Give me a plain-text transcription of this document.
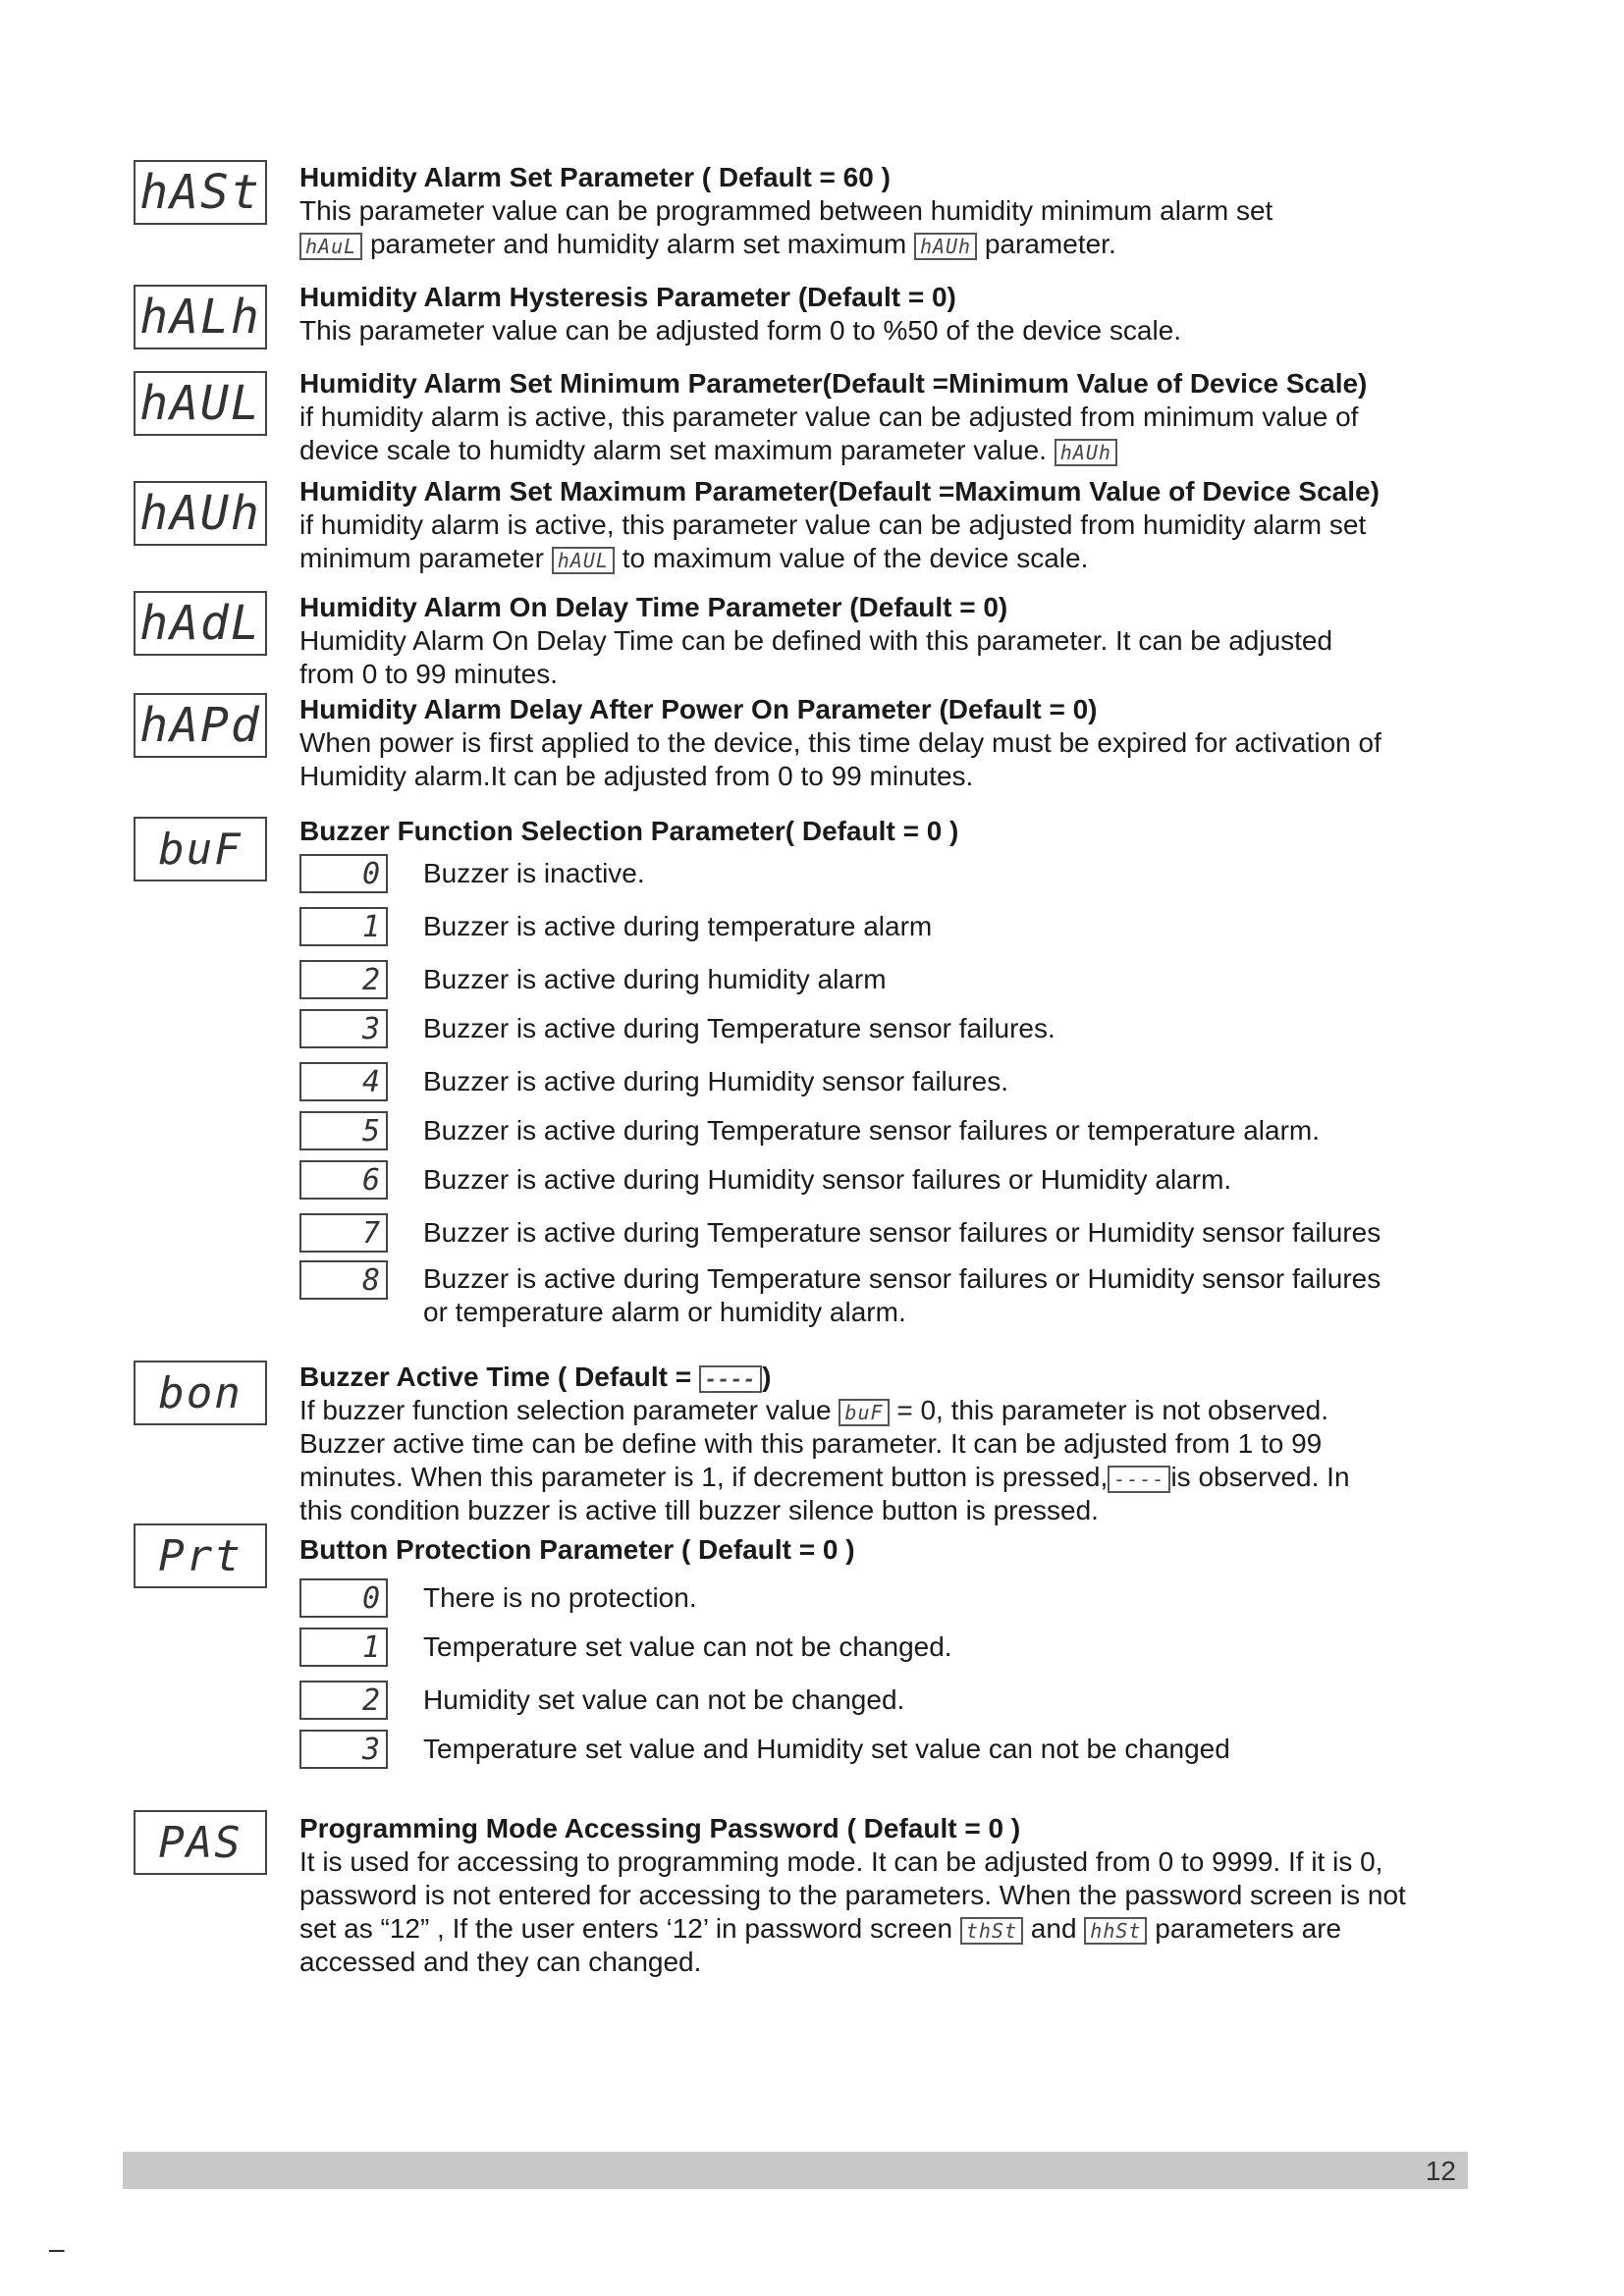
hASt Humidity Alarm Set Parameter ( Default = 60 )
This parameter value can be programmed between humidity minimum alarm set
hAuL parameter and humidity alarm set maximum hAUh parameter.
hALh Humidity Alarm Hysteresis Parameter (Default = 0)
This parameter value can be adjusted form 0 to %50 of the device scale.
hAUL Humidity Alarm Set Minimum Parameter(Default =Minimum Value of Device Scale)
if humidity alarm is active, this parameter value can be adjusted from minimum value of
device scale to humidty alarm set maximum parameter value. hAUh
hAUh Humidity Alarm Set Maximum Parameter(Default =Maximum Value of Device Scale)
if humidity alarm is active, this parameter value can be adjusted from humidity alarm set
minimum parameter hAUL to maximum value of the device scale.
hAdL Humidity Alarm On Delay Time Parameter (Default = 0)
Humidity Alarm On Delay Time can be defined with this parameter. It can be adjusted
from 0 to 99 minutes.
hAPd Humidity Alarm Delay After Power On Parameter (Default = 0)
When power is first applied to the device, this time delay must be expired for activation of
Humidity alarm.It can be adjusted from 0 to 99 minutes.
buF	Buzzer Function Selection Parameter( Default = 0 )
0 Buzzer is inactive.
1 Buzzer is active during temperature alarm
2 Buzzer is active during humidity alarm
3 Buzzer is active during Temperature sensor failures.
4 Buzzer is active during Humidity sensor failures.
5 Buzzer is active during Temperature sensor failures or temperature alarm.
6 Buzzer is active during Humidity sensor failures or Humidity alarm.
7 Buzzer is active during Temperature sensor failures or Humidity sensor failures
8 Buzzer is active during Temperature sensor failures or Humidity sensor failures
or temperature alarm or humidity alarm.
bon	Buzzer Active Time ( Default = ---- )
If buzzer function selection parameter value buF = 0, this parameter is not observed.
Buzzer active time can be define with this parameter. It can be adjusted from 1 to 99
minutes. When this parameter is 1, if decrement button is pressed, ---- is observed. In
this condition buzzer is active till buzzer silence button is pressed.
Prt	Button Protection Parameter ( Default = 0 )
0 There is no protection.
1 Temperature set value can not be changed.
2 Humidity set value can not be changed.
3 Temperature set value and Humidity set value can not be changed
PAS	Programming Mode Accessing Password ( Default = 0 )
It is used for accessing to programming mode. It can be adjusted from 0 to 9999. If it is 0,
password is not entered for accessing to the parameters. When the password screen is not
set as “12” , If the user enters ‘12’ in password screen thSt and hhSt parameters are
accessed and they can changed.
12
–
